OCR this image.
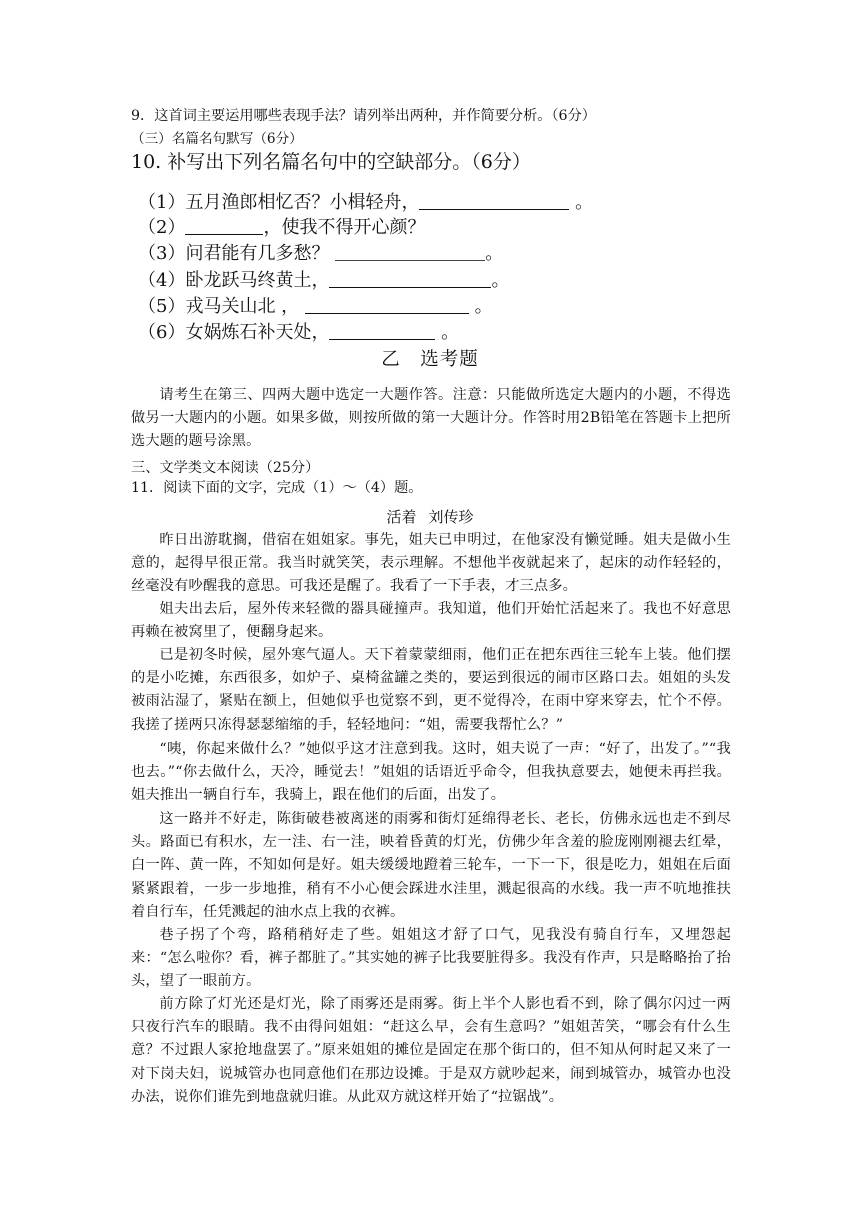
9．这首词主要运用哪些表现手法？请列举出两种，并作简要分析。（6分）
（三）名篇名句默写（6分）
10. 补写出下列名篇名句中的空缺部分。（6分）
（1）五月渔郎相忆否？小楫轻舟，	。
（2）	，使我不得开心颜？
（3）问君能有几多愁？	。
（4）卧龙跃马终黄土，	。
（5）戎马关山北 ，	。
（6）女娲炼石补天处，	。
乙　选考题
请考生在第三、四两大题中选定一大题作答。注意：只能做所选定大题内的小题，不得选做另一大题内的小题。如果多做，则按所做的第一大题计分。作答时用2B铅笔在答题卡上把所选大题的题号涂黑。
三、文学类文本阅读（25分）
11．阅读下面的文字，完成（1）～（4）题。
活着 刘传珍
昨日出游耽搁，借宿在姐姐家。事先，姐夫已申明过，在他家没有懒觉睡。姐夫是做小生意的，起得早很正常。我当时就笑笑，表示理解。不想他半夜就起来了，起床的动作轻轻的，丝毫没有吵醒我的意思。可我还是醒了。我看了一下手表，才三点多。
姐夫出去后，屋外传来轻微的器具碰撞声。我知道，他们开始忙活起来了。我也不好意思再赖在被窝里了，便翻身起来。
已是初冬时候，屋外寒气逼人。天下着蒙蒙细雨，他们正在把东西往三轮车上装。他们摆的是小吃摊，东西很多，如炉子、桌椅盆罐之类的，要运到很远的闹市区路口去。姐姐的头发被雨沾湿了，紧贴在额上，但她似乎也觉察不到，更不觉得冷，在雨中穿来穿去，忙个不停。我搓了搓两只冻得瑟瑟缩缩的手，轻轻地问：“姐，需要我帮忙么？”
“咦，你起来做什么？”她似乎这才注意到我。这时，姐夫说了一声：“好了，出发了。”“我也去。”“你去做什么，天冷，睡觉去！”姐姐的话语近乎命令，但我执意要去，她便未再拦我。姐夫推出一辆自行车，我骑上，跟在他们的后面，出发了。
这一路并不好走，陈街破巷被离迷的雨雾和街灯延绵得老长、老长，仿佛永远也走不到尽头。路面已有积水，左一洼、右一洼，映着昏黄的灯光，仿佛少年含羞的脸庞刚刚褪去红晕，白一阵、黄一阵，不知如何是好。姐夫缓缓地蹬着三轮车，一下一下，很是吃力，姐姐在后面紧紧跟着，一步一步地推，稍有不小心便会踩进水洼里，溅起很高的水线。我一声不吭地推扶着自行车，任凭溅起的油水点上我的衣裤。
巷子拐了个弯，路稍稍好走了些。姐姐这才舒了口气，见我没有骑自行车，又埋怨起来：“怎么啦你？看，裤子都脏了。”其实她的裤子比我要脏得多。我没有作声，只是略略抬了抬头，望了一眼前方。
前方除了灯光还是灯光，除了雨雾还是雨雾。街上半个人影也看不到，除了偶尔闪过一两只夜行汽车的眼睛。我不由得问姐姐：“赶这么早，会有生意吗？”姐姐苦笑，“哪会有什么生意？不过跟人家抢地盘罢了。”原来姐姐的摊位是固定在那个街口的，但不知从何时起又来了一对下岗夫妇，说城管办也同意他们在那边设摊。于是双方就吵起来，闹到城管办，城管办也没办法，说你们谁先到地盘就归谁。从此双方就这样开始了“拉锯战”。
